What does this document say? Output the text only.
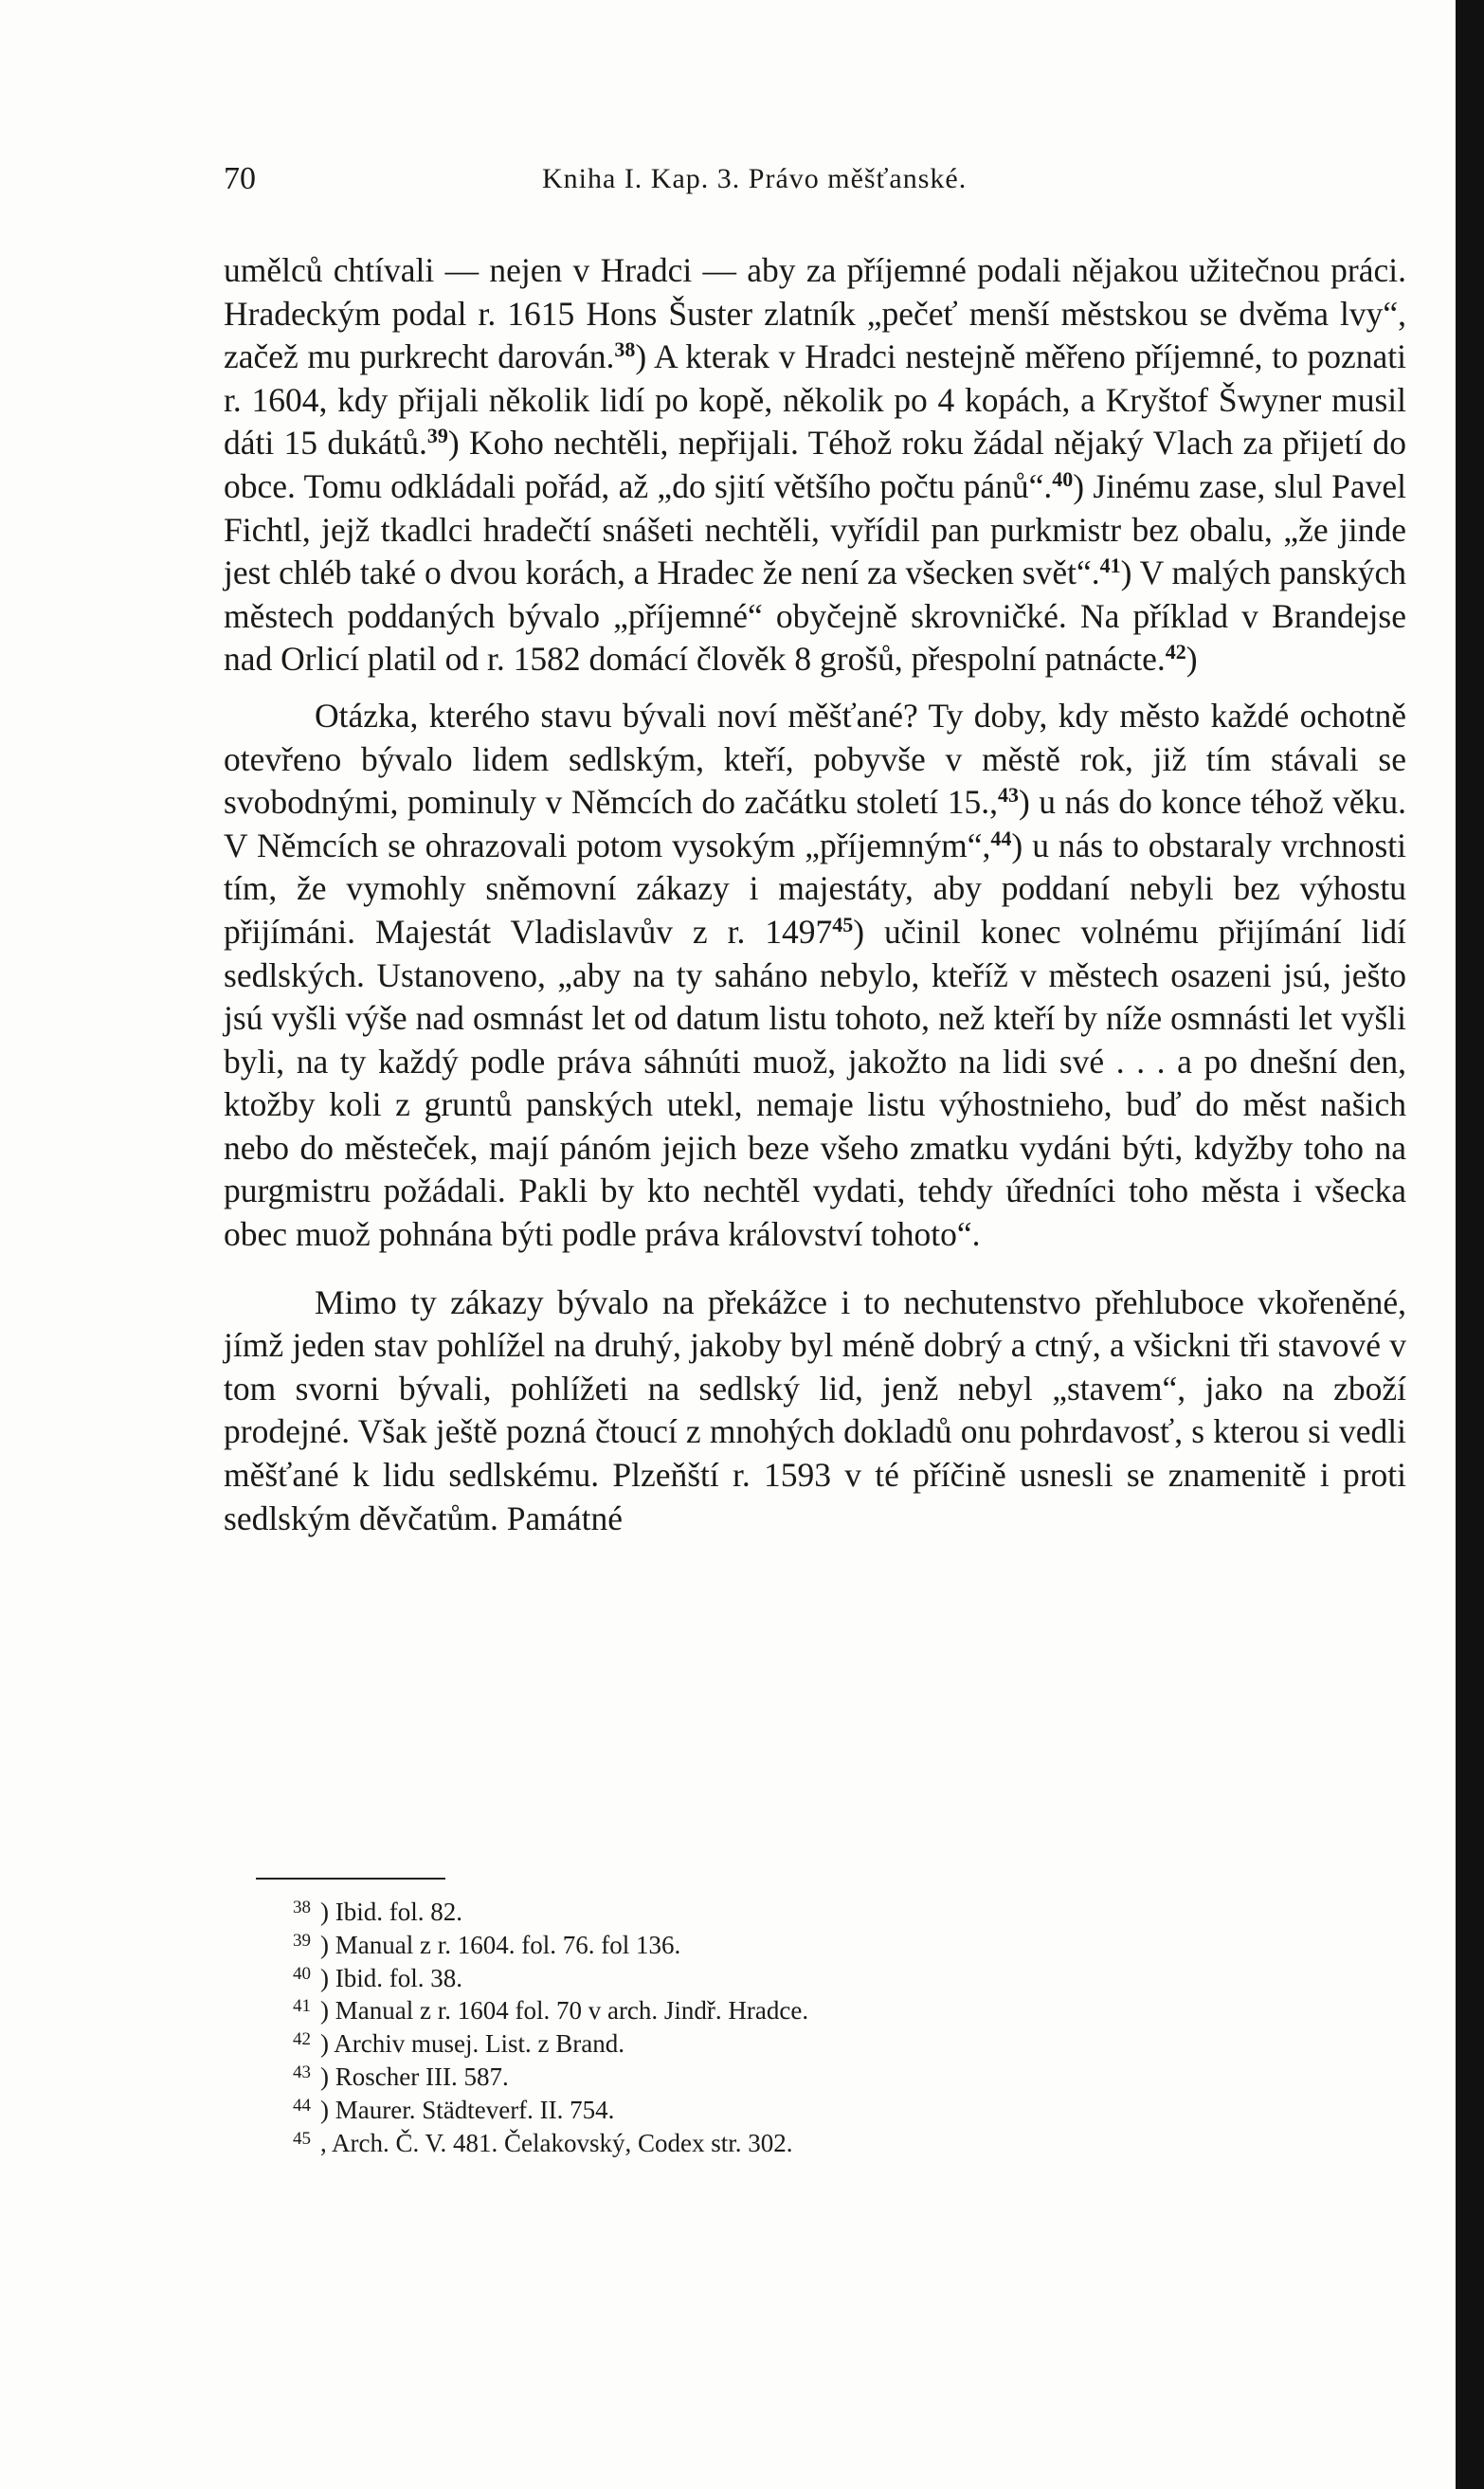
70	Kniha I. Kap. 3. Právo měšťanské.

umělců chtívali — nejen v Hradci — aby za příjemné podali nějakou užitečnou práci. Hradeckým podal r. 1615 Hons Šuster zlatník „pečeť menší městskou se dvěma lvy“, začež mu purkrecht darován.$^{38}$) A kterak v Hradci nestejně měřeno příjemné, to poznati r. 1604, kdy přijali několik lidí po kopě, několik po 4 kopách, a Kryštof Šwyner musil dáti 15 dukátů.$^{39}$) Koho nechtěli, nepřijali. Téhož roku žádal nějaký Vlach za přijetí do obce. Tomu odkládali pořád, až „do sjití většího počtu pánů“.$^{40}$) Jinému zase, slul Pavel Fichtl, jejž tkadlci hradečtí snášeti nechtěli, vyřídil pan purkmistr bez obalu, „že jinde jest chléb také o dvou korách, a Hradec že není za všecken svět“.$^{41}$) V malých panských městech poddaných bývalo „příjemné“ obyčejně skrovničké. Na příklad v Brandejse nad Orlicí platil od r. 1582 domácí člověk 8 grošů, přespolní patnácte.$^{42}$)

Otázka, kterého stavu bývali noví měšťané? Ty doby, kdy město každé ochotně otevřeno bývalo lidem sedlským, kteří, pobyvše v městě rok, již tím stávali se svobodnými, pominuly v Němcích do začátku století 15.,$^{43}$) u nás do konce téhož věku. V Němcích se ohrazovali potom vysokým „příjemným“,$^{44}$) u nás to obstaraly vrchnosti tím, že vymohly sněmovní zákazy i majestáty, aby poddaní nebyli bez výhostu přijímáni. Majestát Vladislavův z r. 1497$^{45}$) učinil konec volnému přijímání lidí sedlských. Ustanoveno, „aby na ty saháno nebylo, kteříž v městech osazeni jsú, ješto jsú vyšli výše nad osmnást let od datum listu tohoto, než kteří by níže osmnásti let vyšli byli, na ty každý podle práva sáhnúti muož, jakožto na lidi své . . . a po dnešní den, ktožby koli z gruntů panských utekl, nemaje listu výhostnieho, buď do měst našich nebo do městeček, mají pánóm jejich beze všeho zmatku vydáni býti, kdyžby toho na purgmistru požádali. Pakli by kto nechtěl vydati, tehdy úředníci toho města i všecka obec muož pohnána býti podle práva království tohoto“.

Mimo ty zákazy bývalo na překážce i to nechutenstvo přehluboce vkořeněné, jímž jeden stav pohlížel na druhý, jakoby byl méně dobrý a ctný, a všickni tři stavové v tom svorni bývali, pohlížeti na sedlský lid, jenž nebyl „stavem“, jako na zboží prodejné. Však ještě pozná čtoucí z mnohých dokladů onu pohrdavosť, s kterou si vedli měšťané k lidu sedlskému. Plzeňští r. 1593 v té příčině usnesli se znamenitě i proti sedlským děvčatům. Památné

38 ) Ibid. fol. 82.
39 ) Manual z r. 1604. fol. 76. fol 136.
40 ) Ibid. fol. 38.
41 ) Manual z r. 1604 fol. 70 v arch. Jindř. Hradce.
42 ) Archiv musej. List. z Brand.
43 ) Roscher III. 587.
44 ) Maurer. Städteverf. II. 754.
45 , Arch. Č. V. 481. Čelakovský, Codex str. 302.
